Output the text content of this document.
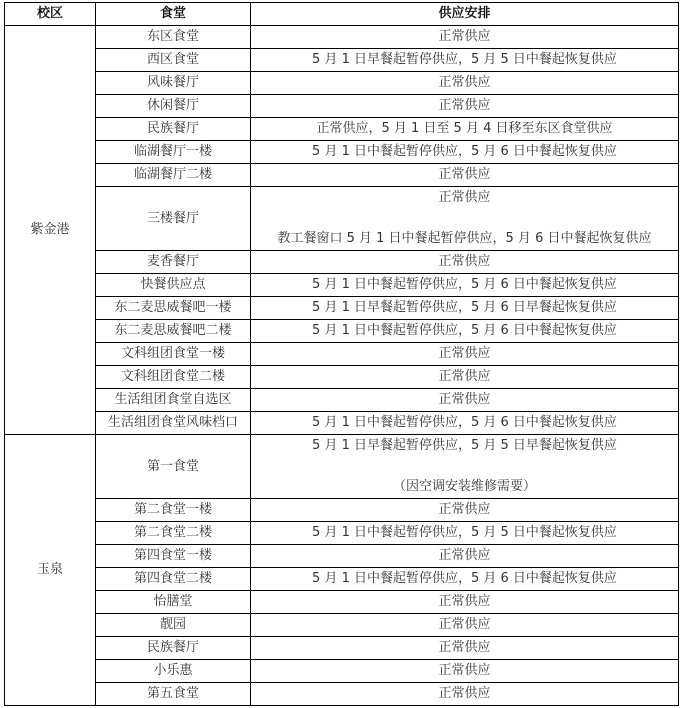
校区	食堂	供应安排
紫金港	东区食堂	正常供应
	西区食堂	5 月 1 日早餐起暂停供应，5 月 5 日中餐起恢复供应
	风味餐厅	正常供应
	休闲餐厅	正常供应
	民族餐厅	正常供应，5 月 1 日至 5 月 4 日移至东区食堂供应
	临湖餐厅一楼	5 月 1 日中餐起暂停供应，5 月 6 日中餐起恢复供应
	临湖餐厅二楼	正常供应
	三楼餐厅	正常供应
教工餐窗口 5 月 1 日中餐起暂停供应，5 月 6 日中餐起恢复供应

	麦香餐厅	正常供应
	快餐供应点	5 月 1 日中餐起暂停供应，5 月 6 日中餐起恢复供应
	东二麦思威餐吧一楼	5 月 1 日早餐起暂停供应，5 月 6 日早餐起恢复供应
	东二麦思威餐吧二楼	5 月 1 日中餐起暂停供应，5 月 6 日中餐起恢复供应
	文科组团食堂一楼	正常供应
	文科组团食堂二楼	正常供应
	生活组团食堂自选区	正常供应
	生活组团食堂风味档口	5 月 1 日中餐起暂停供应，5 月 6 日中餐起恢复供应
玉泉	第一食堂	5 月 1 日早餐起暂停供应，5 月 5 日早餐起恢复供应
（因空调安装维修需要）

	第二食堂一楼	正常供应
	第二食堂二楼	5 月 1 日中餐起暂停供应，5 月 5 日中餐起恢复供应
	第四食堂一楼	正常供应
	第四食堂二楼	5 月 1 日中餐起暂停供应，5 月 6 日中餐起恢复供应
	怡膳堂	正常供应
	靓园	正常供应
	民族餐厅	正常供应
	小乐惠	正常供应
	第五食堂	正常供应
